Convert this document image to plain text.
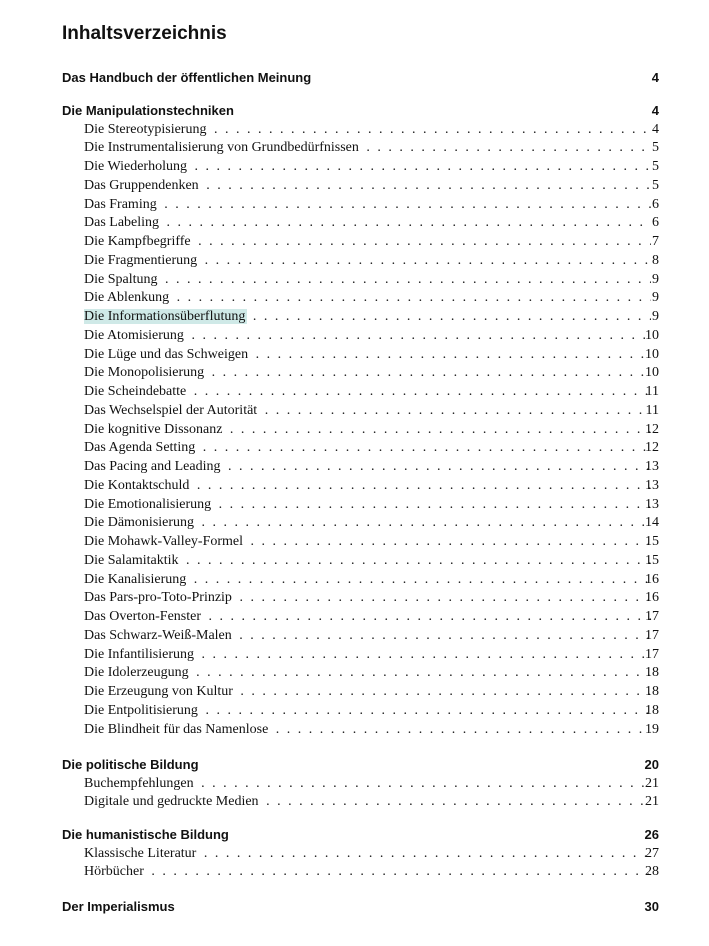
Inhaltsverzeichnis
Das Handbuch der öffentlichen Meinung	4
Die Manipulationstechniken	4
Die Stereotypisierung . . .	4
Die Instrumentalisierung von Grundbedürfnissen . . .	5
Die Wiederholung . . .	5
Das Gruppendenken . . .	5
Das Framing . . .	6
Das Labeling . . .	6
Die Kampfbegriffe . . .	7
Die Fragmentierung . . .	8
Die Spaltung . . .	9
Die Ablenkung . . .	9
Die Informationsüberflutung . . .	9
Die Atomisierung . . .	10
Die Lüge und das Schweigen . . .	10
Die Monopolisierung . . .	10
Die Scheindebatte . . .	11
Das Wechselspiel der Autorität . . .	11
Die kognitive Dissonanz . . .	12
Das Agenda Setting . . .	12
Das Pacing and Leading . . .	13
Die Kontaktschuld . . .	13
Die Emotionalisierung . . .	13
Die Dämonisierung . . .	14
Die Mohawk-Valley-Formel . . .	15
Die Salamitaktik . . .	15
Die Kanalisierung . . .	16
Das Pars-pro-Toto-Prinzip . . .	16
Das Overton-Fenster . . .	17
Das Schwarz-Weiß-Malen . . .	17
Die Infantilisierung . . .	17
Die Idolerzeugung . . .	18
Die Erzeugung von Kultur . . .	18
Die Entpolitisierung . . .	18
Die Blindheit für das Namenlose . . .	19
Die politische Bildung	20
Buchempfehlungen . . .	21
Digitale und gedruckte Medien . . .	21
Die humanistische Bildung	26
Klassische Literatur . . .	27
Hörbücher . . .	28
Der Imperialismus	30
